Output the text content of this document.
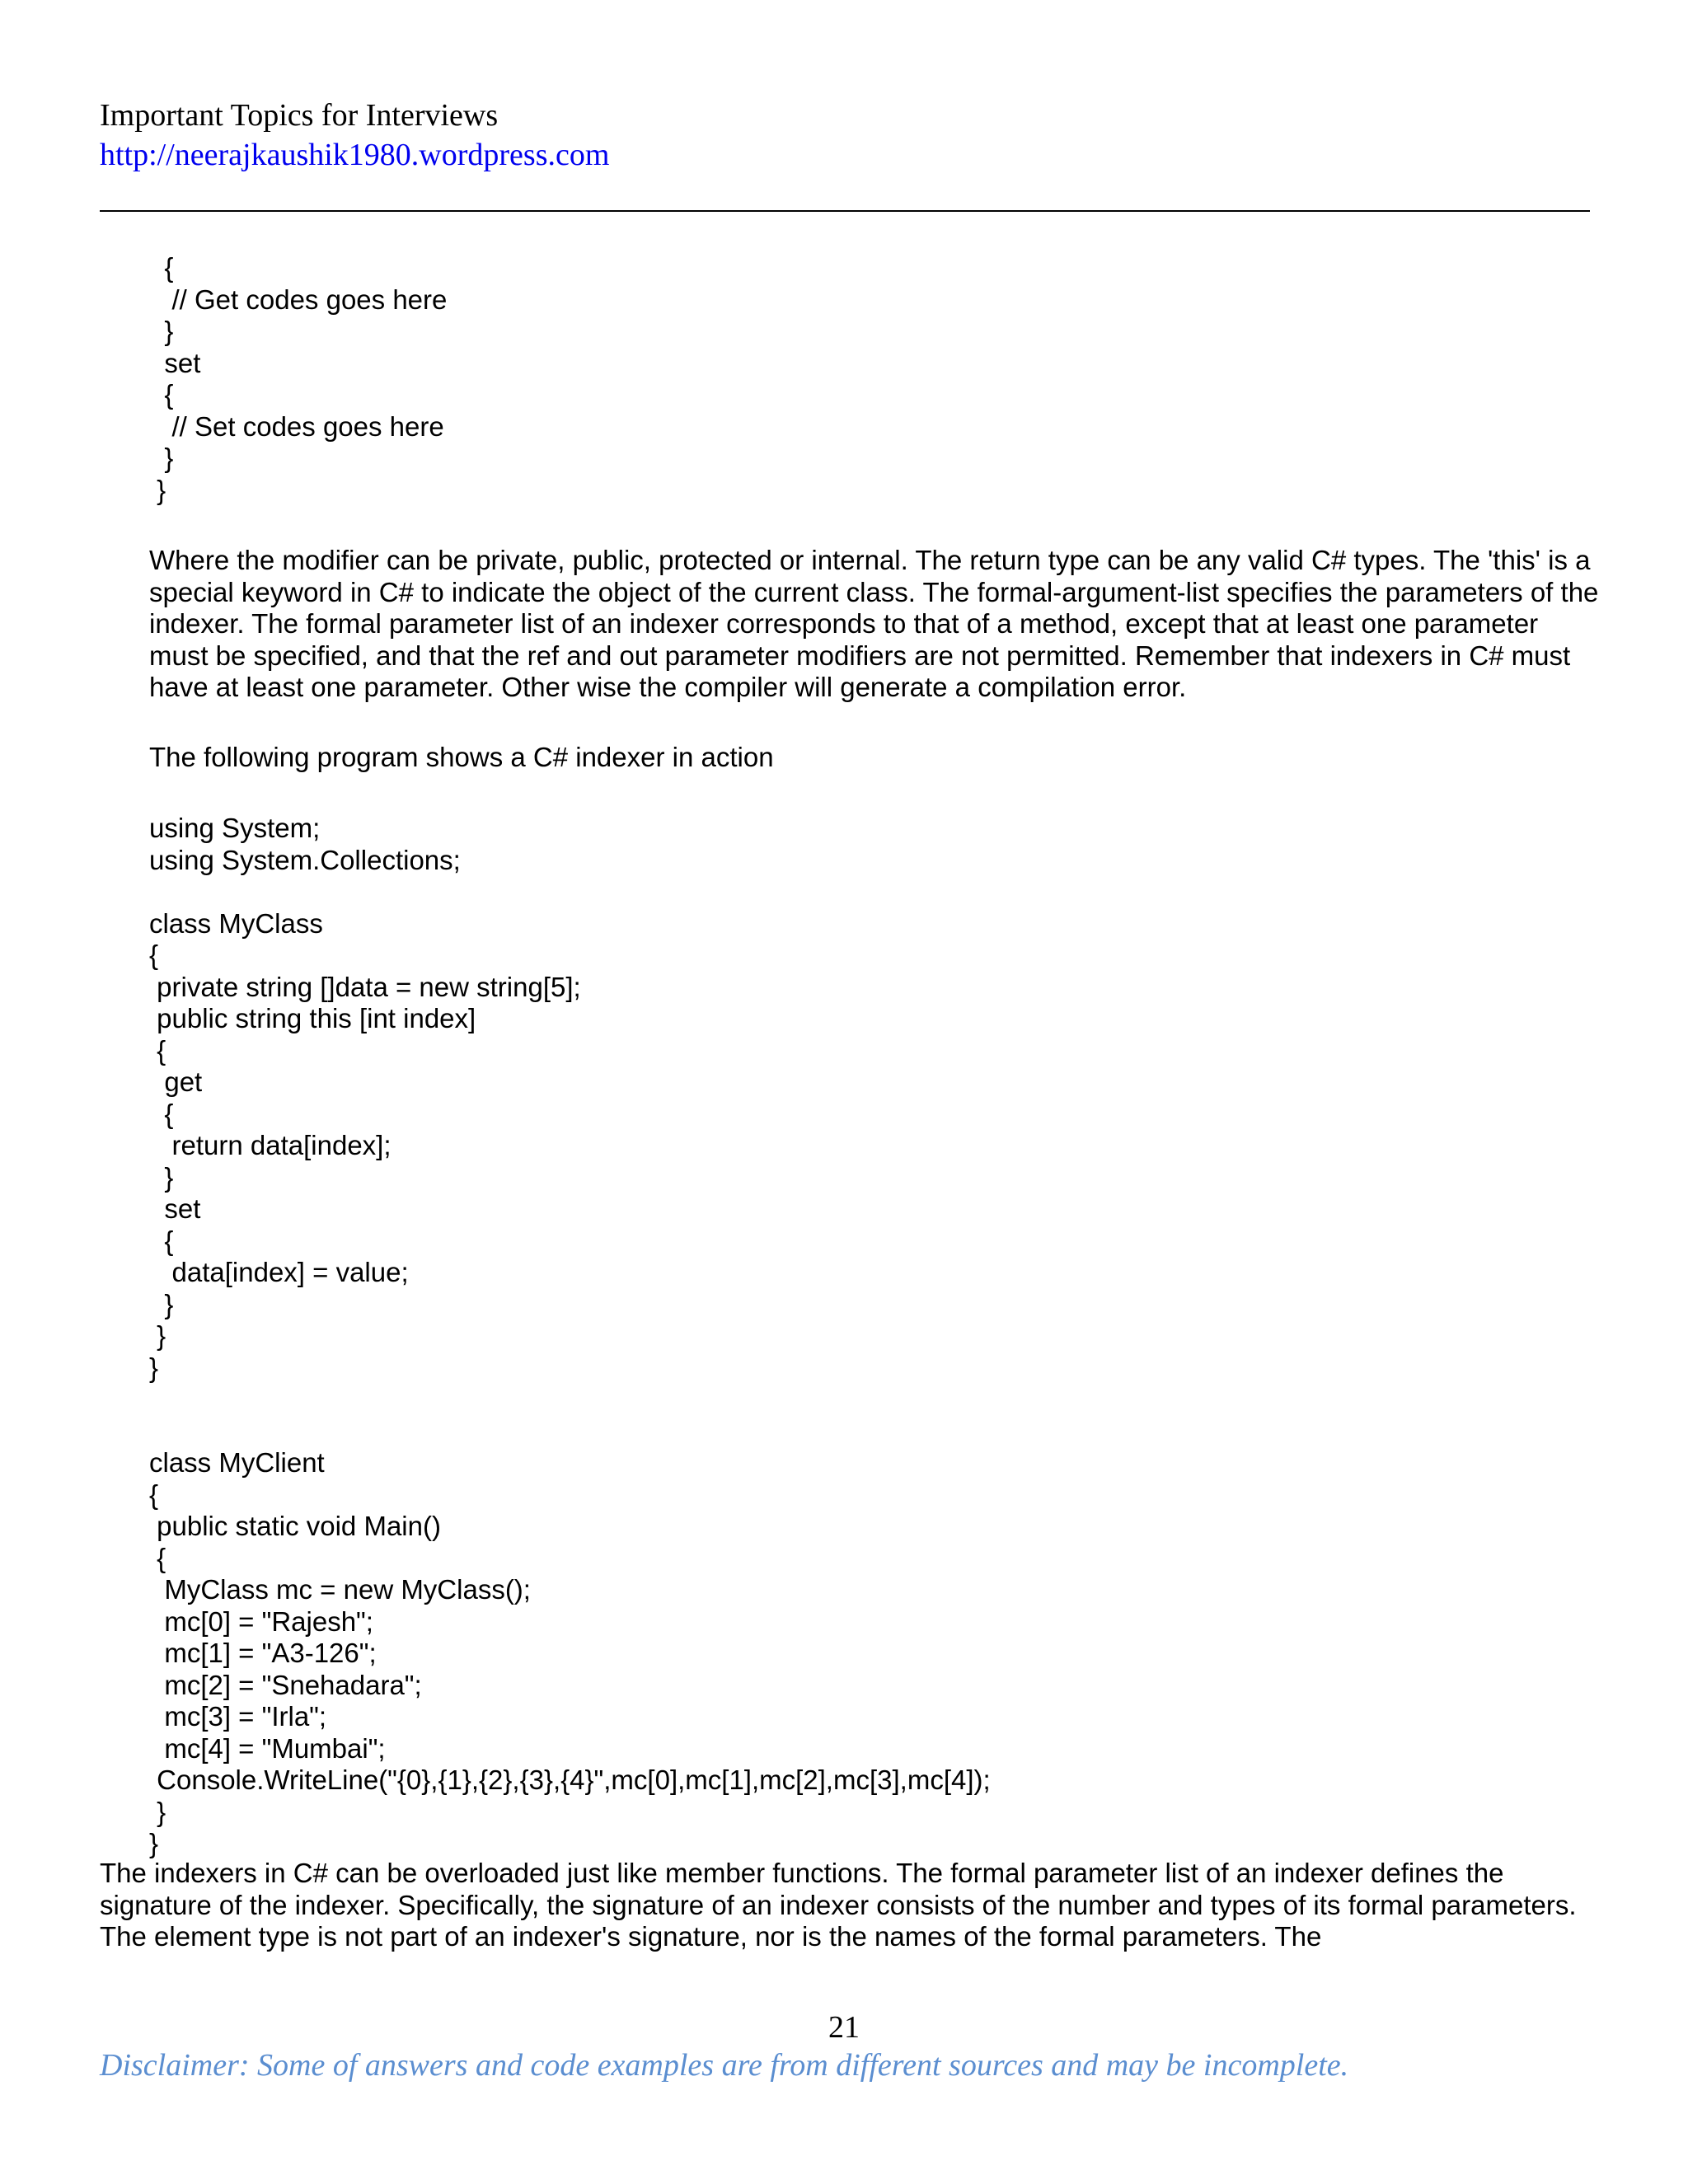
Important Topics for Interviews
http://neerajkaushik1980.wordpress.com
{
// Get codes goes here
}
set
{
// Set codes goes here
}
}

Where the modifier can be private, public, protected or internal. The return type can be any valid C# types. The 'this' is a special keyword in C# to indicate the object of the current class. The formal-argument-list specifies the parameters of the indexer. The formal parameter list of an indexer corresponds to that of a method, except that at least one parameter must be specified, and that the ref and out parameter modifiers are not permitted. Remember that indexers in C# must have at least one parameter. Other wise the compiler will generate a compilation error.

The following program shows a C# indexer in action

using System;
using System.Collections;

class MyClass
{
private string []data = new string[5];
public string this [int index]
{
get
{
return data[index];
}
set
{
data[index] = value;
}
}
}

class MyClient
{
public static void Main()
{
MyClass mc = new MyClass();
mc[0] = "Rajesh";
mc[1] = "A3-126";
mc[2] = "Snehadara";
mc[3] = "Irla";
mc[4] = "Mumbai";
Console.WriteLine("{0},{1},{2},{3},{4}",mc[0],mc[1],mc[2],mc[3],mc[4]);
}
}

The indexers in C# can be overloaded just like member functions. The formal parameter list of an indexer defines the signature of the indexer. Specifically, the signature of an indexer consists of the number and types of its formal parameters. The element type is not part of an indexer's signature, nor is the names of the formal parameters. The

21
Disclaimer: Some of answers and code examples are from different sources and may be incomplete.
